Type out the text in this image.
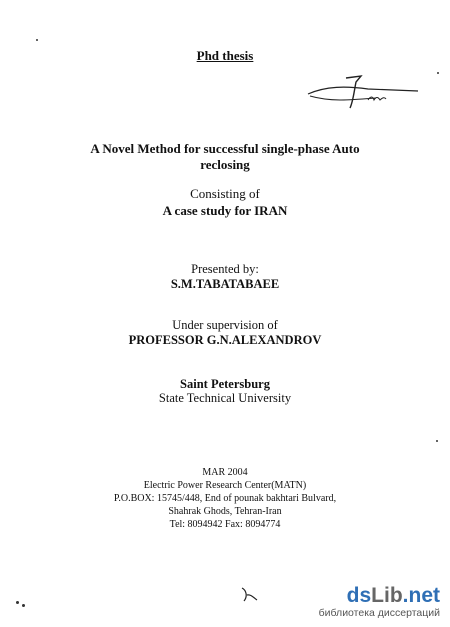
Phd thesis
A Novel Method for successful single-phase Auto
reclosing
Consisting of
A case study for IRAN
Presented by:
S.M.TABATABAEE
Under supervision of
PROFESSOR G.N.ALEXANDROV
Saint Petersburg
State Technical University
MAR 2004
Electric Power Research Center(MATN)
P.O.BOX: 15745/448, End of pounak bakhtari Bulvard,
Shahrak Ghods, Tehran-Iran
Tel: 8094942 Fax: 8094774
dsLib.net
библиотека диссертаций
